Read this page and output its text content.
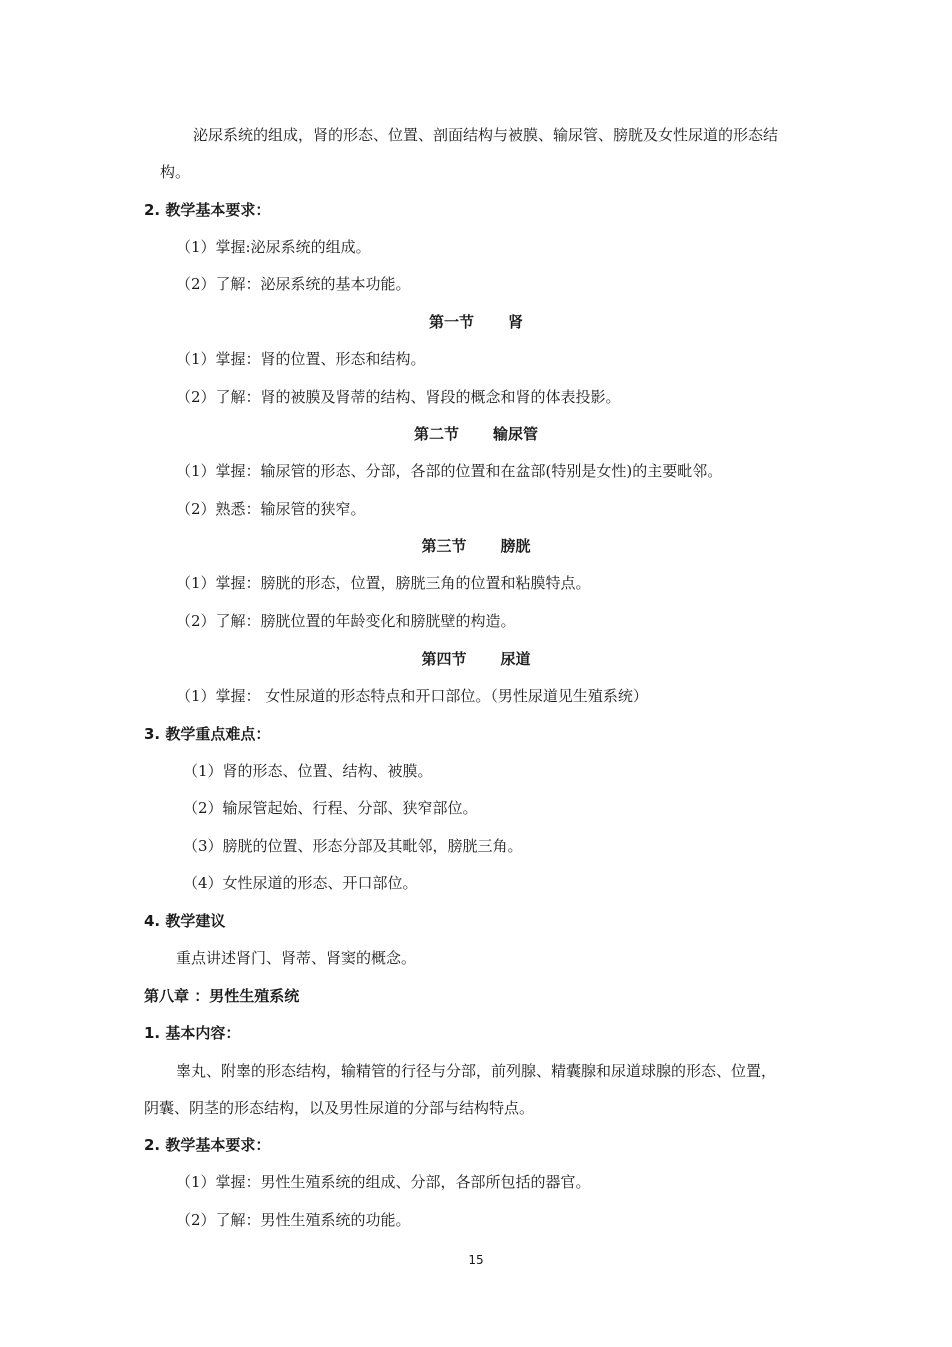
泌尿系统的组成，肾的形态、位置、剖面结构与被膜、输尿管、膀胱及女性尿道的形态结
构。
2. 教学基本要求：
（1）掌握:泌尿系统的组成。
（2）了解：泌尿系统的基本功能。
第一节 肾
（1）掌握：肾的位置、形态和结构。
（2）了解：肾的被膜及肾蒂的结构、肾段的概念和肾的体表投影。
第二节 输尿管
（1）掌握：输尿管的形态、分部，各部的位置和在盆部(特别是女性)的主要毗邻。
（2）熟悉：输尿管的狭窄。
第三节 膀胱
（1）掌握：膀胱的形态，位置，膀胱三角的位置和粘膜特点。
（2）了解：膀胱位置的年龄变化和膀胱壁的构造。
第四节 尿道
（1）掌握： 女性尿道的形态特点和开口部位。（男性尿道见生殖系统）
3. 教学重点难点：
（1）肾的形态、位置、结构、被膜。
（2）输尿管起始、行程、分部、狭窄部位。
（3）膀胱的位置、形态分部及其毗邻，膀胱三角。
（4）女性尿道的形态、开口部位。
4. 教学建议
重点讲述肾门、肾蒂、肾窦的概念。
第八章 ：男性生殖系统
1. 基本内容：
睾丸、附睾的形态结构，输精管的行径与分部，前列腺、精囊腺和尿道球腺的形态、位置，
阴囊、阴茎的形态结构，以及男性尿道的分部与结构特点。
2. 教学基本要求：
（1）掌握：男性生殖系统的组成、分部，各部所包括的器官。
（2）了解：男性生殖系统的功能。
15
